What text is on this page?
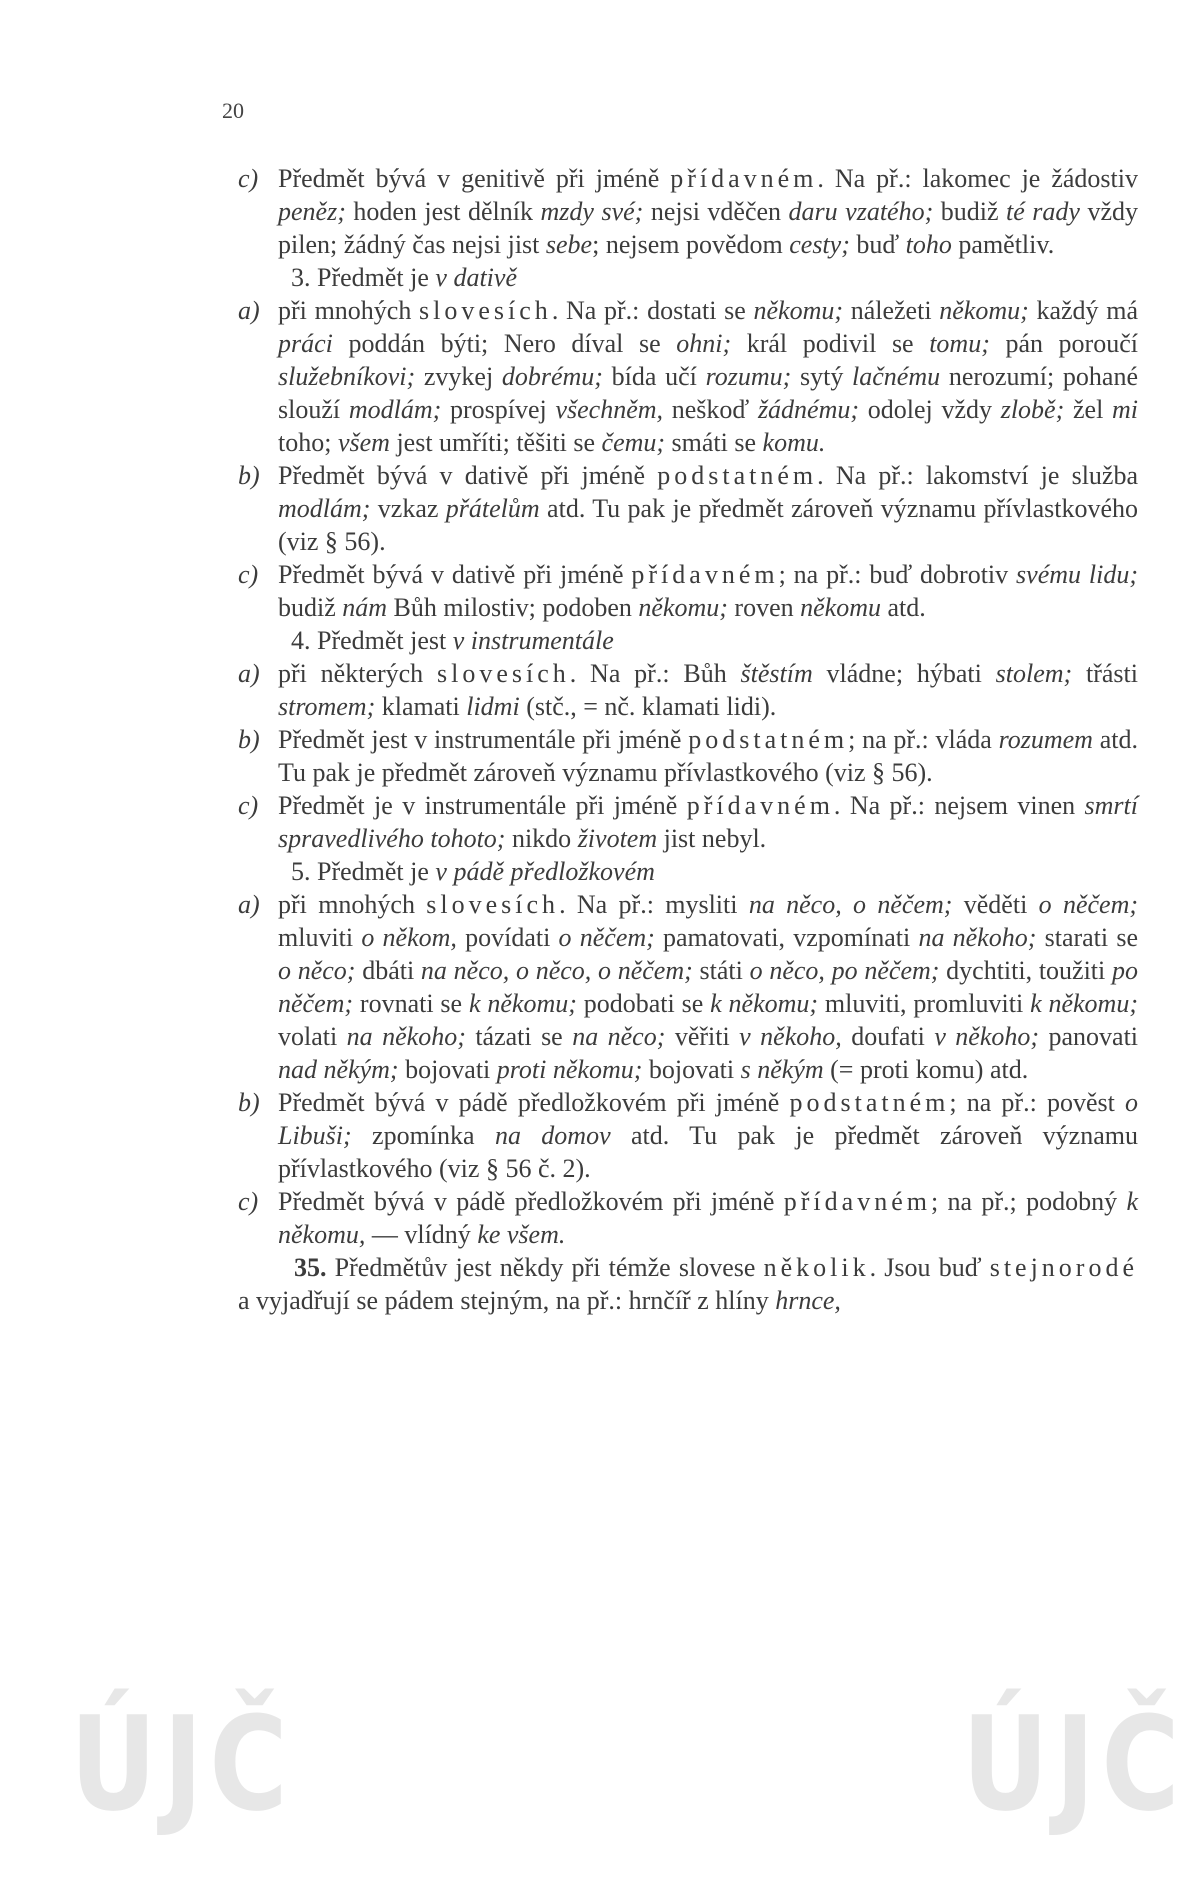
20

c) Předmět bývá v genitivě při jméně přídavném. Na př.: lakomec je žádostiv peněz; hoden jest dělník mzdy své; nejsi vděčen daru vzatého; budiž té rady vždy pilen; žádný čas nejsi jist sebe; nejsem povědom cesty; buď toho pamětliv.

3. Předmět je v dativě

a) při mnohých slovesích. Na př.: dostati se někomu; náležeti někomu; každý má práci poddán býti; Nero díval se ohni; král podivil se tomu; pán poroučí služebníkovi; zvykej dobrému; bída učí rozumu; sytý lačnému nerozumí; pohané slouží modlám; prospívej všechněm, neškoď žádnému; odolej vždy zlobě; žel mi toho; všem jest umříti; těšiti se čemu; smáti se komu.

b) Předmět bývá v dativě při jméně podstatném. Na př.: lakomství je služba modlám; vzkaz přátelům atd. Tu pak je předmět zároveň významu přívlastkového (viz § 56).

c) Předmět bývá v dativě při jméně přídavném; na př.: buď dobrotiv svému lidu; budiž nám Bůh milostiv; podoben někomu; roven někomu atd.

4. Předmět jest v instrumentále

a) při některých slovesích. Na př.: Bůh štěstím vládne; hýbati stolem; třásti stromem; klamati lidmi (stč., = nč. klamati lidi).

b) Předmět jest v instrumentále při jméně podstatném; na př.: vláda rozumem atd. Tu pak je předmět zároveň významu přívlastkového (viz § 56).

c) Předmět je v instrumentále při jméně přídavném. Na př.: nejsem vinen smrtí spravedlivého tohoto; nikdo životem jist nebyl.

5. Předmět je v pádě předložkovém

a) při mnohých slovesích. Na př.: mysliti na něco, o něčem; věděti o něčem; mluviti o někom, povídati o něčem; pamatovati, vzpomínati na někoho; starati se o něco; dbáti na něco, o něco, o něčem; státi o něco, po něčem; dychtiti, toužiti po něčem; rovnati se k někomu; podobati se k někomu; mluviti, promluviti k někomu; volati na někoho; tázati se na něco; věřiti v někoho, doufati v někoho; panovati nad někým; bojovati proti někomu; bojovati s někým (= proti komu) atd.

b) Předmět bývá v pádě předložkovém při jméně podstatném; na př.: pověst o Libuši; zpomínka na domov atd. Tu pak je předmět zároveň významu přívlastkového (viz § 56 č. 2).

c) Předmět bývá v pádě předložkovém při jméně přídavném; na př.; podobný k někomu, — vlídný ke všem.

35. Předmětův jest někdy při témže slovese několik. Jsou buď stejnorodé a vyjadřují se pádem stejným, na př.: hrnčíř z hlíny hrnce,

ÚJČ	ÚJČ
